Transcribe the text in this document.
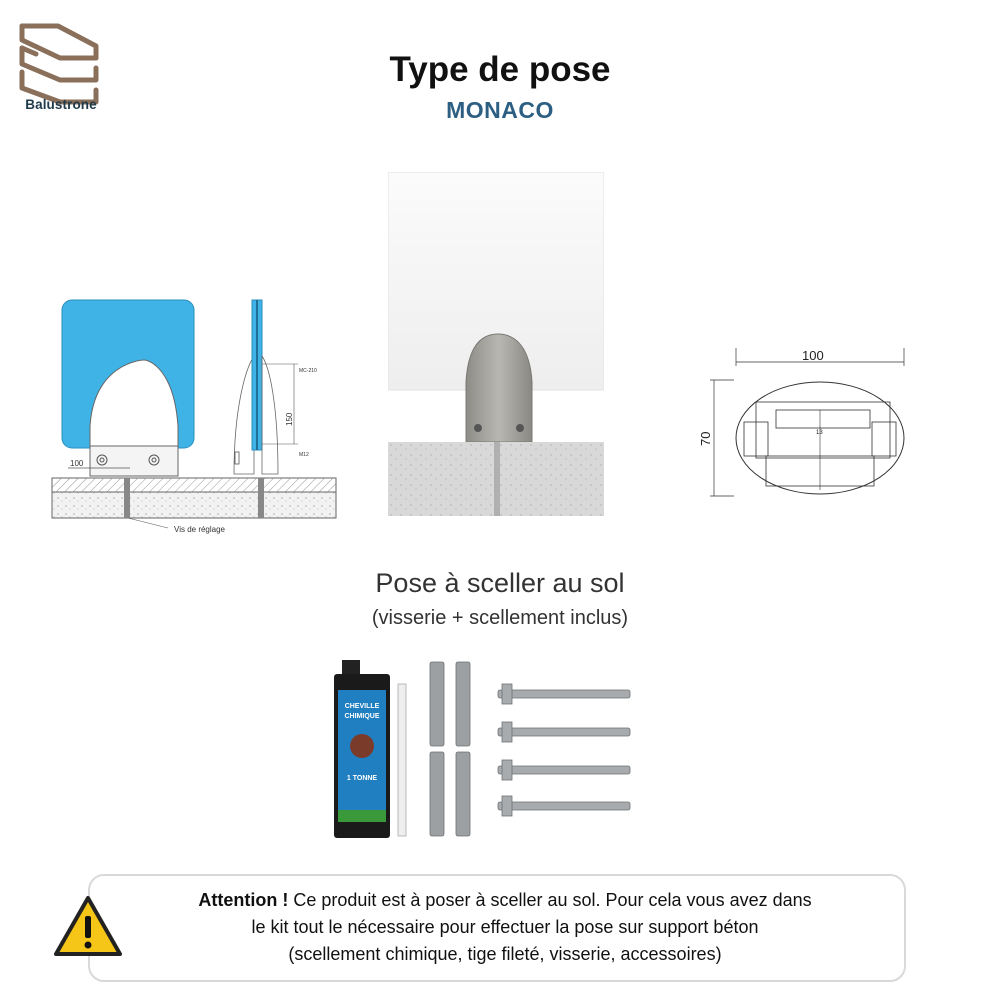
Balustrone
Type de pose
MONACO
100
MC-210
150
M12
Vis de réglage
100
70	13
Pose à sceller au sol
(visserie + scellement inclus)
CHEVILLE
CHIMIQUE
1 TONNE
Attention ! Ce produit est à poser à sceller au sol. Pour cela vous avez dans
le kit tout le nécessaire pour effectuer la pose sur support béton
(scellement chimique, tige fileté, visserie, accessoires)
